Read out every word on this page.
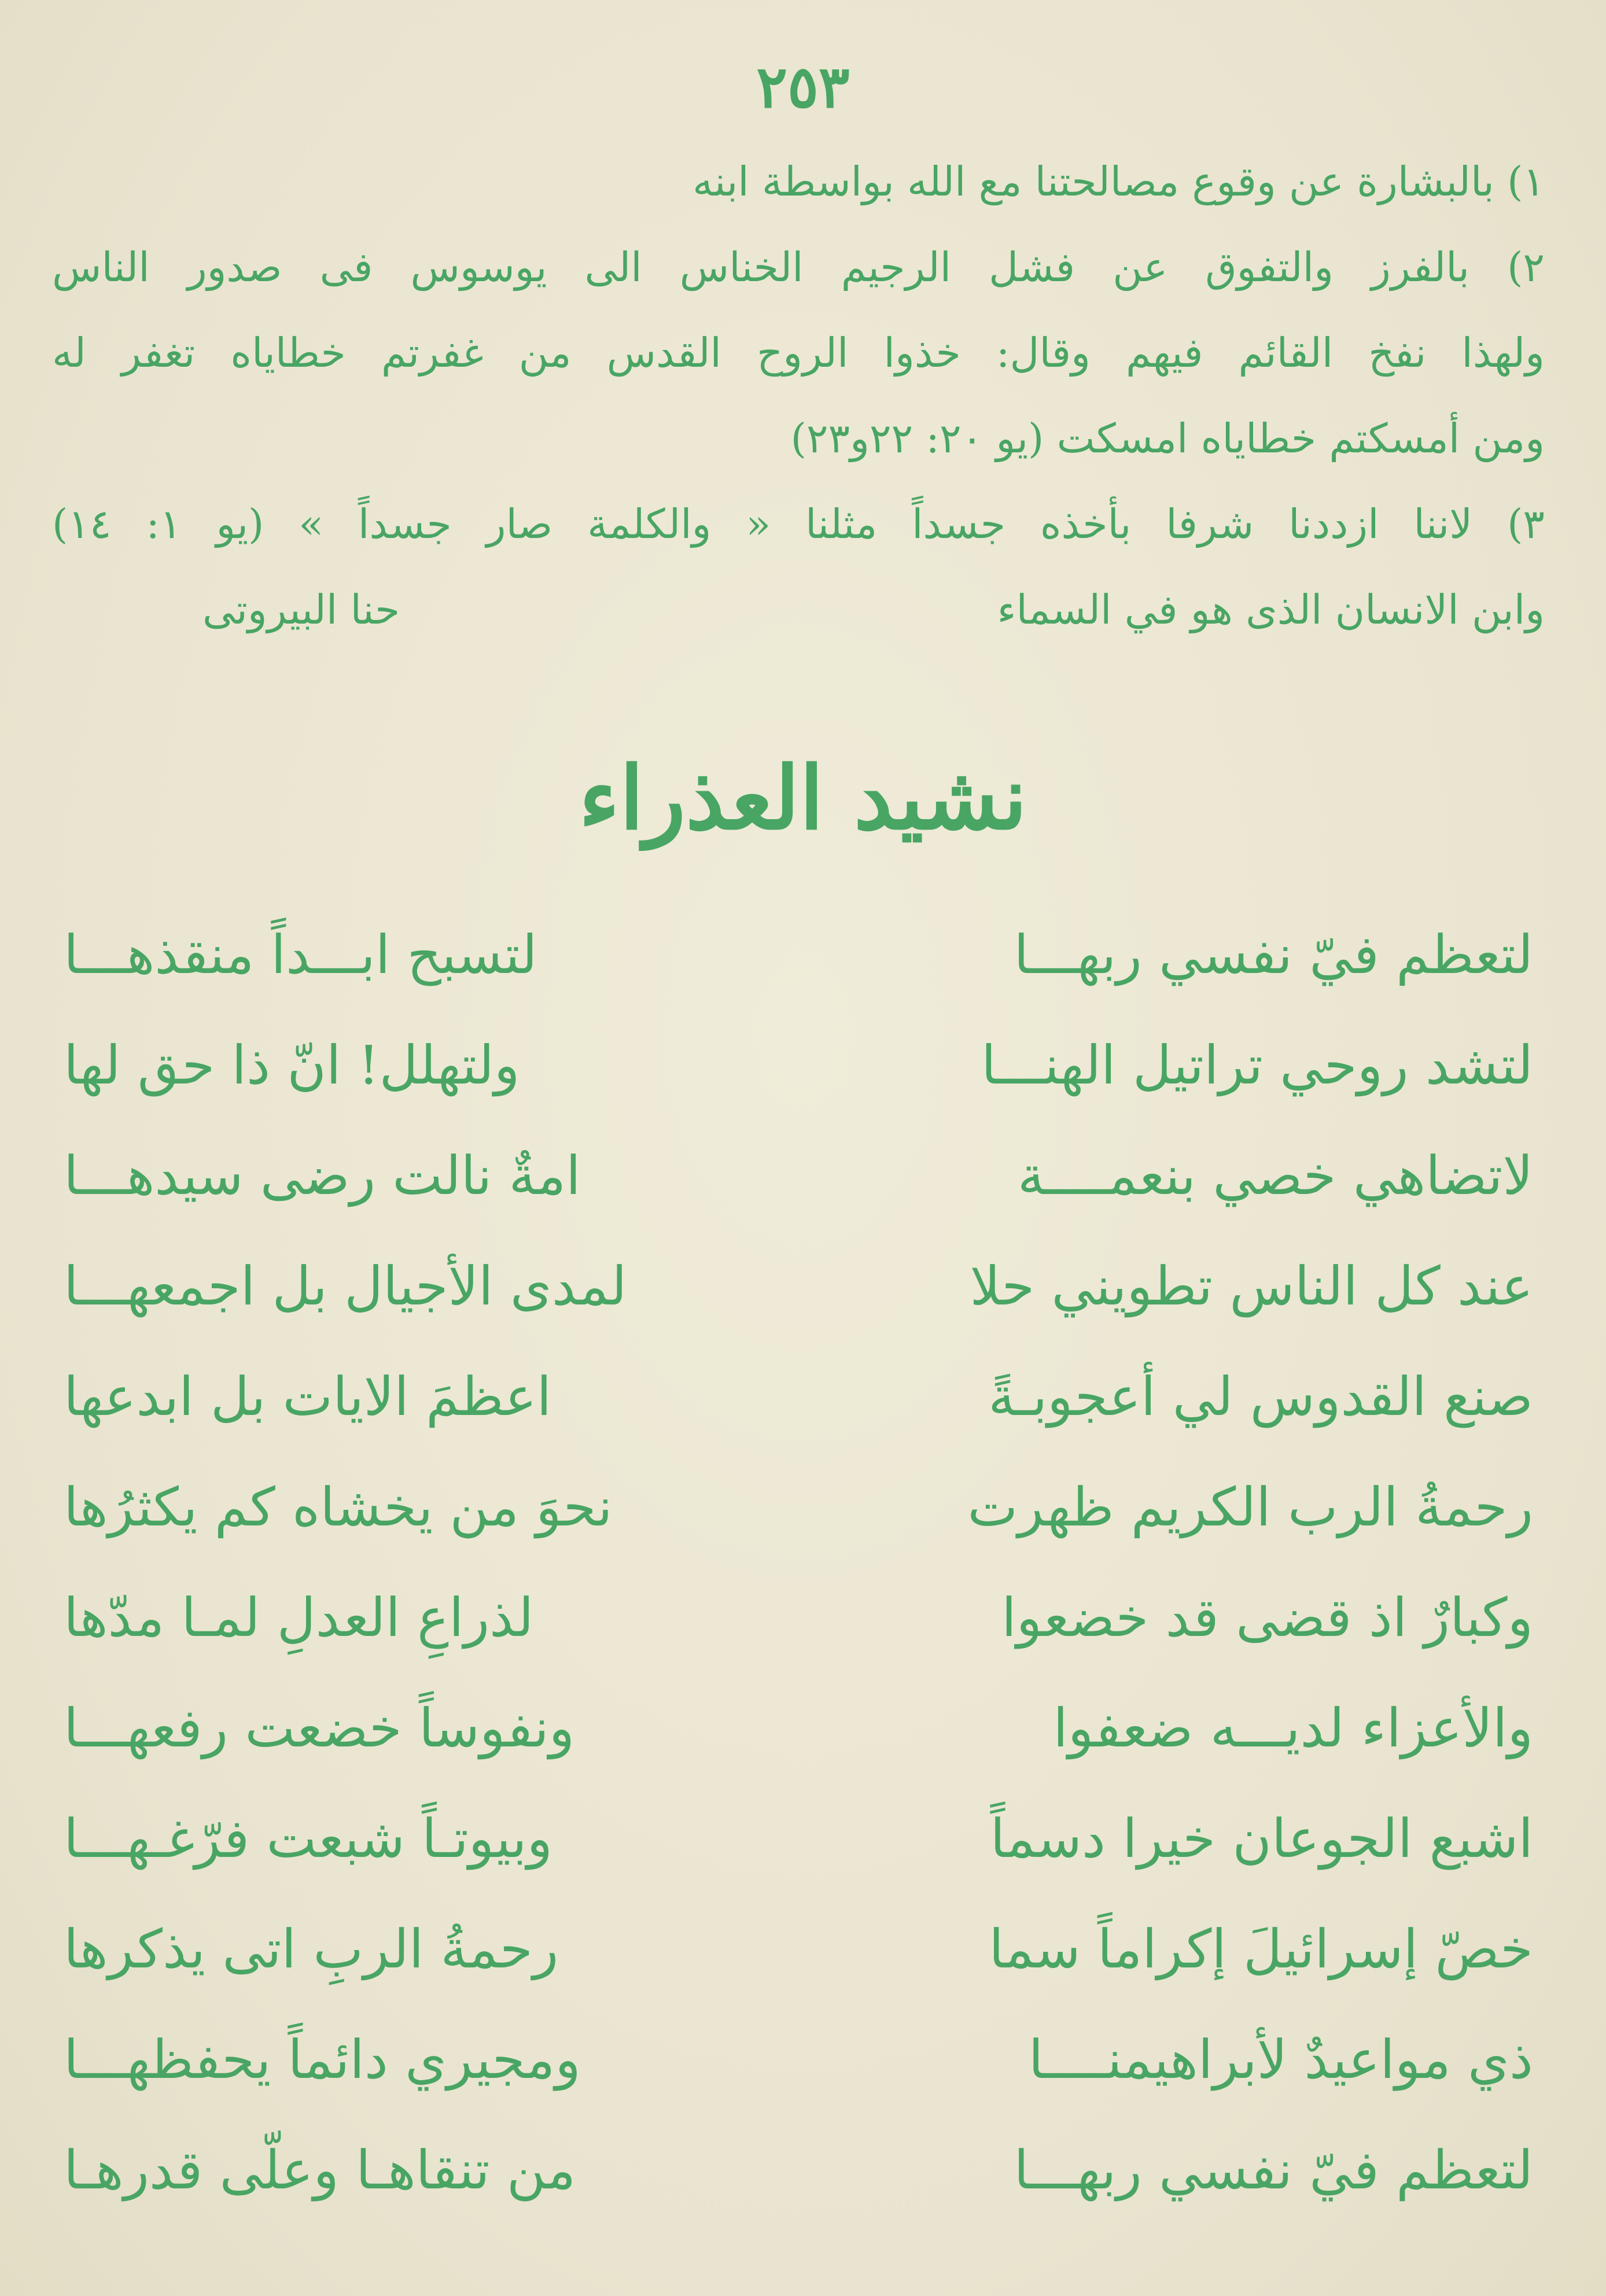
٢٥٣
١) بالبشارة عن وقوع مصالحتنا مع الله بواسطة ابنه
٢) بالفرز والتفوق عن فشل الرجيم الخناس الى يوسوس فى صدور الناس
ولهذا نفخ القائم فيهم وقال: خذوا الروح القدس من غفرتم خطاياه تغفر له
ومن أمسكتم خطاياه امسكت (يو ٢٠: ٢٢و٢٣)
٣) لاننا ازددنا شرفا بأخذه جسداً مثلنا « والكلمة صار جسداً » (يو ١: ١٤)
وابن الانسان الذى هو في السماء
حنا البيروتى
نشيد العذراء
لتعظم فيّ نفسي ربهـــا
لتسبح ابـــداً منقذهـــا
لتشد روحي تراتيل الهنـــا
ولتهلل! انّ ذا حق لها
لاتضاهي خصي بنعمــــة
امةٌ نالت رضى سيدهـــا
عند كل الناس تطويني حلا
لمدى الأجيال بل اجمعهـــا
صنع القدوس لي أعجوبـةً
اعظمَ الايات بل ابدعها
رحمةُ الرب الكريم ظهرت
نحوَ من يخشاه كم يكثرُها
وكبارٌ اذ قضى قد خضعوا
لذراعِ العدلِ لمـا مدّها
والأعزاء لديـــه ضعفوا
ونفوساً خضعت رفعهـــا
اشبع الجوعان خيرا دسماً
وبيوتـاً شبعت فرّغـهـــا
خصّ إسرائيلَ إكراماً سما
رحمةُ الربِ اتى يذكرها
ذي مواعيدٌ لأبراهيمنــــا
ومجيري دائماً يحفظهـــا
لتعظم فيّ نفسي ربهـــا
من تنقاهـا وعلّى قدرهـا
